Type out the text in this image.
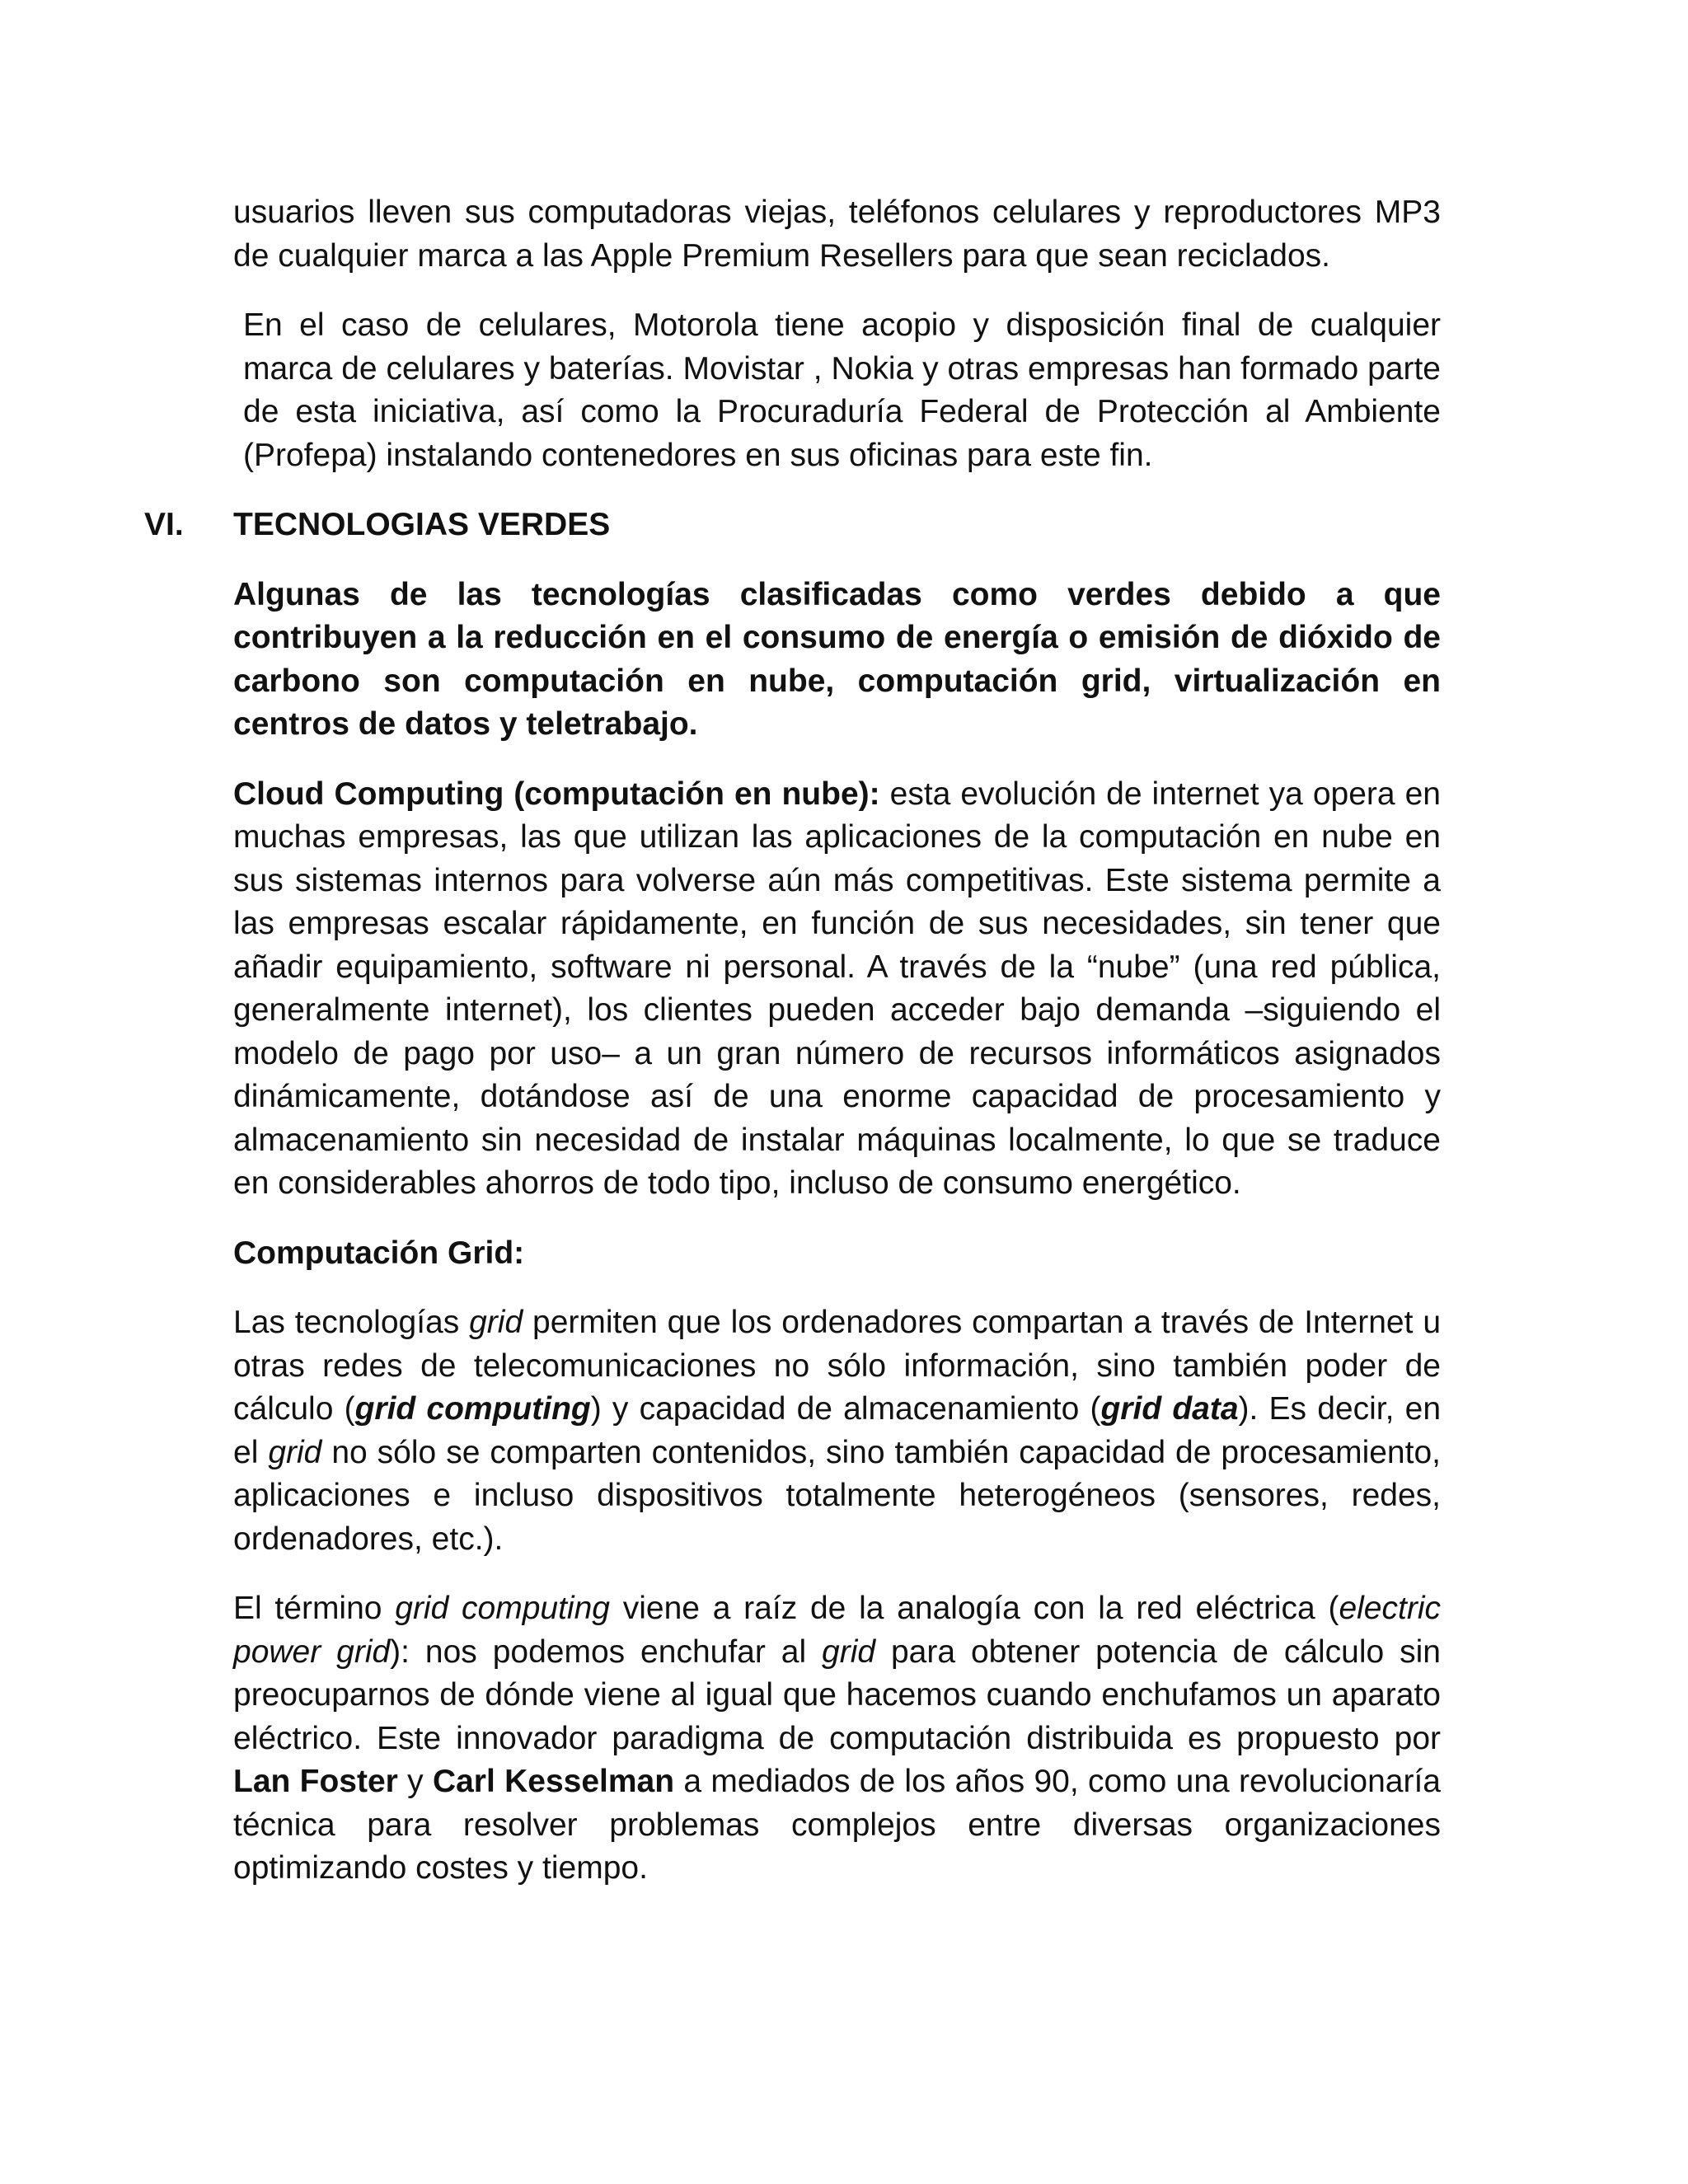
usuarios lleven sus computadoras viejas, teléfonos celulares y reproductores MP3 de cualquier marca a las Apple Premium Resellers para que sean reciclados.

En el caso de celulares, Motorola tiene acopio y disposición final de cualquier marca de celulares y baterías. Movistar , Nokia y otras empresas han formado parte de esta iniciativa, así como la Procuraduría Federal de Protección al Ambiente (Profepa) instalando contenedores en sus oficinas para este fin.

VI. TECNOLOGIAS VERDES

Algunas de las tecnologías clasificadas como verdes debido a que contribuyen a la reducción en el consumo de energía o emisión de dióxido de carbono son computación en nube, computación grid, virtualización en centros de datos y teletrabajo.

Cloud Computing (computación en nube): esta evolución de internet ya opera en muchas empresas, las que utilizan las aplicaciones de la computación en nube en sus sistemas internos para volverse aún más competitivas. Este sistema permite a las empresas escalar rápidamente, en función de sus necesidades, sin tener que añadir equipamiento, software ni personal. A través de la “nube” (una red pública, generalmente internet), los clientes pueden acceder bajo demanda –siguiendo el modelo de pago por uso– a un gran número de recursos informáticos asignados dinámicamente, dotándose así de una enorme capacidad de procesamiento y almacenamiento sin necesidad de instalar máquinas localmente, lo que se traduce en considerables ahorros de todo tipo, incluso de consumo energético.

Computación Grid:

Las tecnologías grid permiten que los ordenadores compartan a través de Internet u otras redes de telecomunicaciones no sólo información, sino también poder de cálculo (grid computing) y capacidad de almacenamiento (grid data). Es decir, en el grid no sólo se comparten contenidos, sino también capacidad de procesamiento, aplicaciones e incluso dispositivos totalmente heterogéneos (sensores, redes, ordenadores, etc.).

El término grid computing viene a raíz de la analogía con la red eléctrica (electric power grid): nos podemos enchufar al grid para obtener potencia de cálculo sin preocuparnos de dónde viene al igual que hacemos cuando enchufamos un aparato eléctrico. Este innovador paradigma de computación distribuida es propuesto por Lan Foster y Carl Kesselman a mediados de los años 90, como una revolucionaría técnica para resolver problemas complejos entre diversas organizaciones optimizando costes y tiempo.
